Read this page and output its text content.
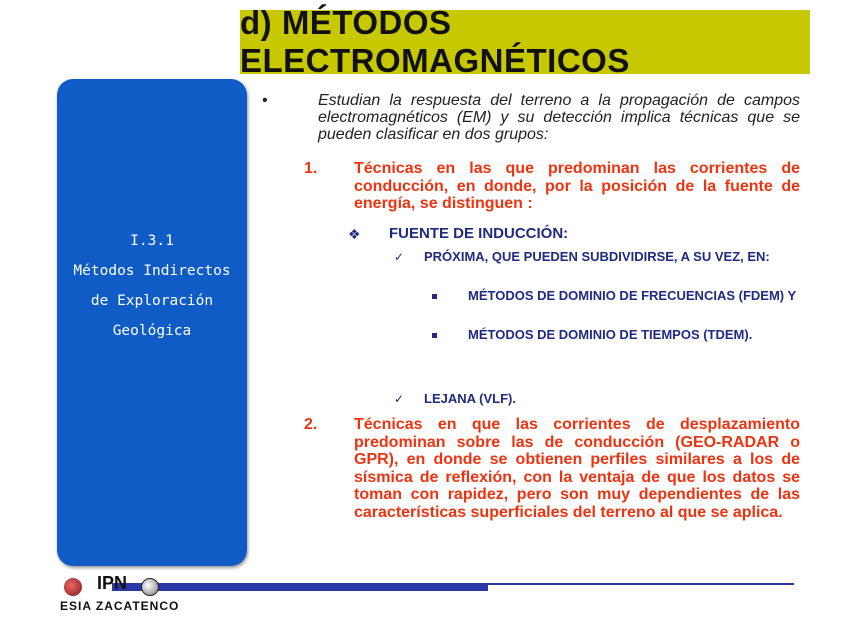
d) MÉTODOS ELECTROMAGNÉTICOS
I.3.1
Métodos Indirectos
de Exploración
Geológica
•	Estudian la respuesta del terreno a la propagación de campos electromagnéticos (EM) y su detección implica técnicas que se pueden clasificar en dos grupos:
1. Técnicas en las que predominan las corrientes de conducción, en donde, por la posición de la fuente de energía, se distinguen :
❖ FUENTE DE INDUCCIÓN:
✓ PRÓXIMA, QUE PUEDEN SUBDIVIDIRSE, A SU VEZ, EN:
MÉTODOS DE DOMINIO DE FRECUENCIAS (FDEM) Y
MÉTODOS DE DOMINIO DE TIEMPOS (TDEM).
✓ LEJANA (VLF).
2. Técnicas en que las corrientes de desplazamiento predominan sobre las de conducción (GEO-RADAR o GPR), en donde se obtienen perfiles similares a los de sísmica de reflexión, con la ventaja de que los datos se toman con rapidez, pero son muy dependientes de las características superficiales del terreno al que se aplica.
IPN
ESIA ZACATENCO
